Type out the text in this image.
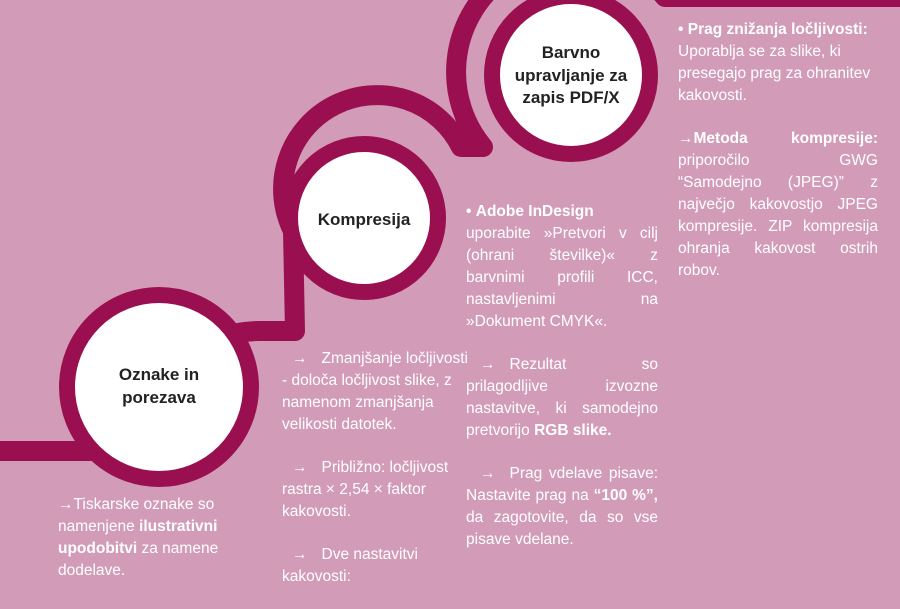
Oznake in
porezava
Kompresija
Barvno
upravljanje za
zapis PDF/X

→Tiskarske oznake so namenjene ilustrativni upodobitvi za namene dodelave.

→ Zmanjšanje ločljivosti - določa ločljivost slike, z namenom zmanjšanja velikosti datotek.

→ Približno: ločljivost rastra × 2,54 × faktor kakovosti.

→ Dve nastavitvi kakovosti:

• Adobe InDesign
uporabite »Pretvori v cilj (ohrani številke)« z barvnimi profili ICC, nastavljenimi na »Dokument CMYK«.

→ Rezultat so prilagodljive izvozne nastavitve, ki samodejno pretvorijo RGB slike.

→ Prag vdelave pisave: Nastavite prag na “100 %”, da zagotovite, da so vse pisave vdelane.

• Prag znižanja ločljivosti: Uporablja se za slike, ki presegajo prag za ohranitev kakovosti.

→Metoda kompresije: priporočilo GWG “Samodejno (JPEG)” z največjo kakovostjo JPEG kompresije. ZIP kompresija ohranja kakovost ostrih robov.
